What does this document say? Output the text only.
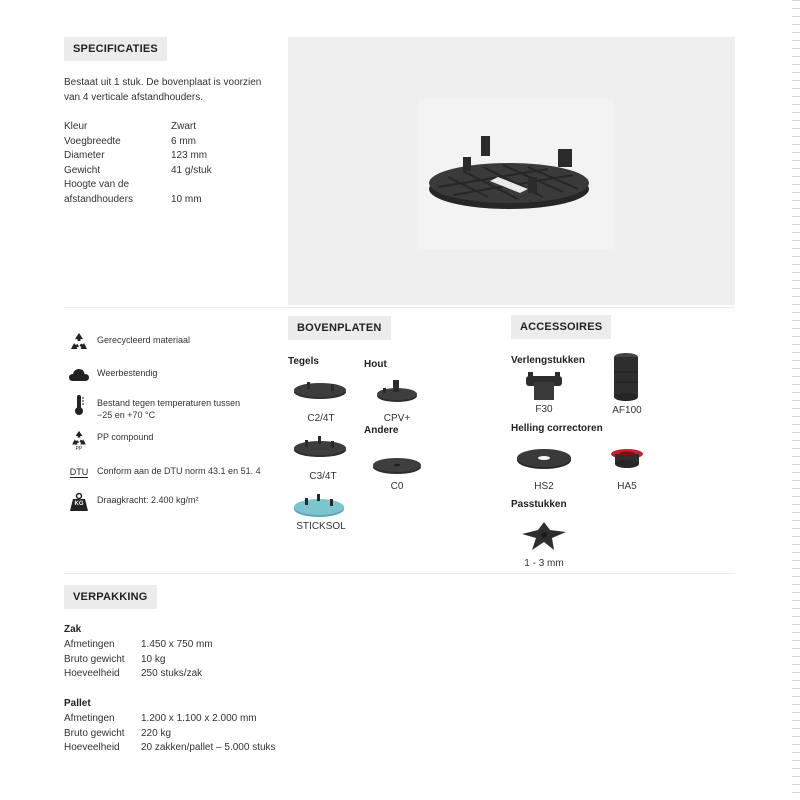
SPECIFICATIES
Bestaat uit 1 stuk. De bovenplaat is voorzien
van 4 verticale afstandhouders.
Kleur	Zwart
Voegbreedte	6 mm
Diameter	123 mm
Gewicht	41 g/stuk
Hoogte van de
afstandhouders	10 mm
Gerecycleerd materiaal
Weerbestendig
Bestand tegen temperaturen tussen
−25 en +70 °C
PP
PP compound
DTU Conform aan de DTU norm 43.1 en 51. 4
KG	Draagkracht: 2.400 kg/m²
BOVENPLATEN
Tegels	Hout
Andere
C2/4T
C3/4T
STICKSOL
CPV+
C0
ACCESSOIRES
Verlengstukken
Helling correctoren
Passtukken
F30	AF100
HS2	HA5
1 - 3 mm
VERPAKKING
Zak
Afmetingen	1.450 x 750 mm
Bruto gewicht	10 kg
Hoeveelheid	250 stuks/zak
Pallet
Afmetingen	1.200 x 1.100 x 2.000 mm
Bruto gewicht	220 kg
Hoeveelheid	20 zakken/pallet – 5.000 stuks
